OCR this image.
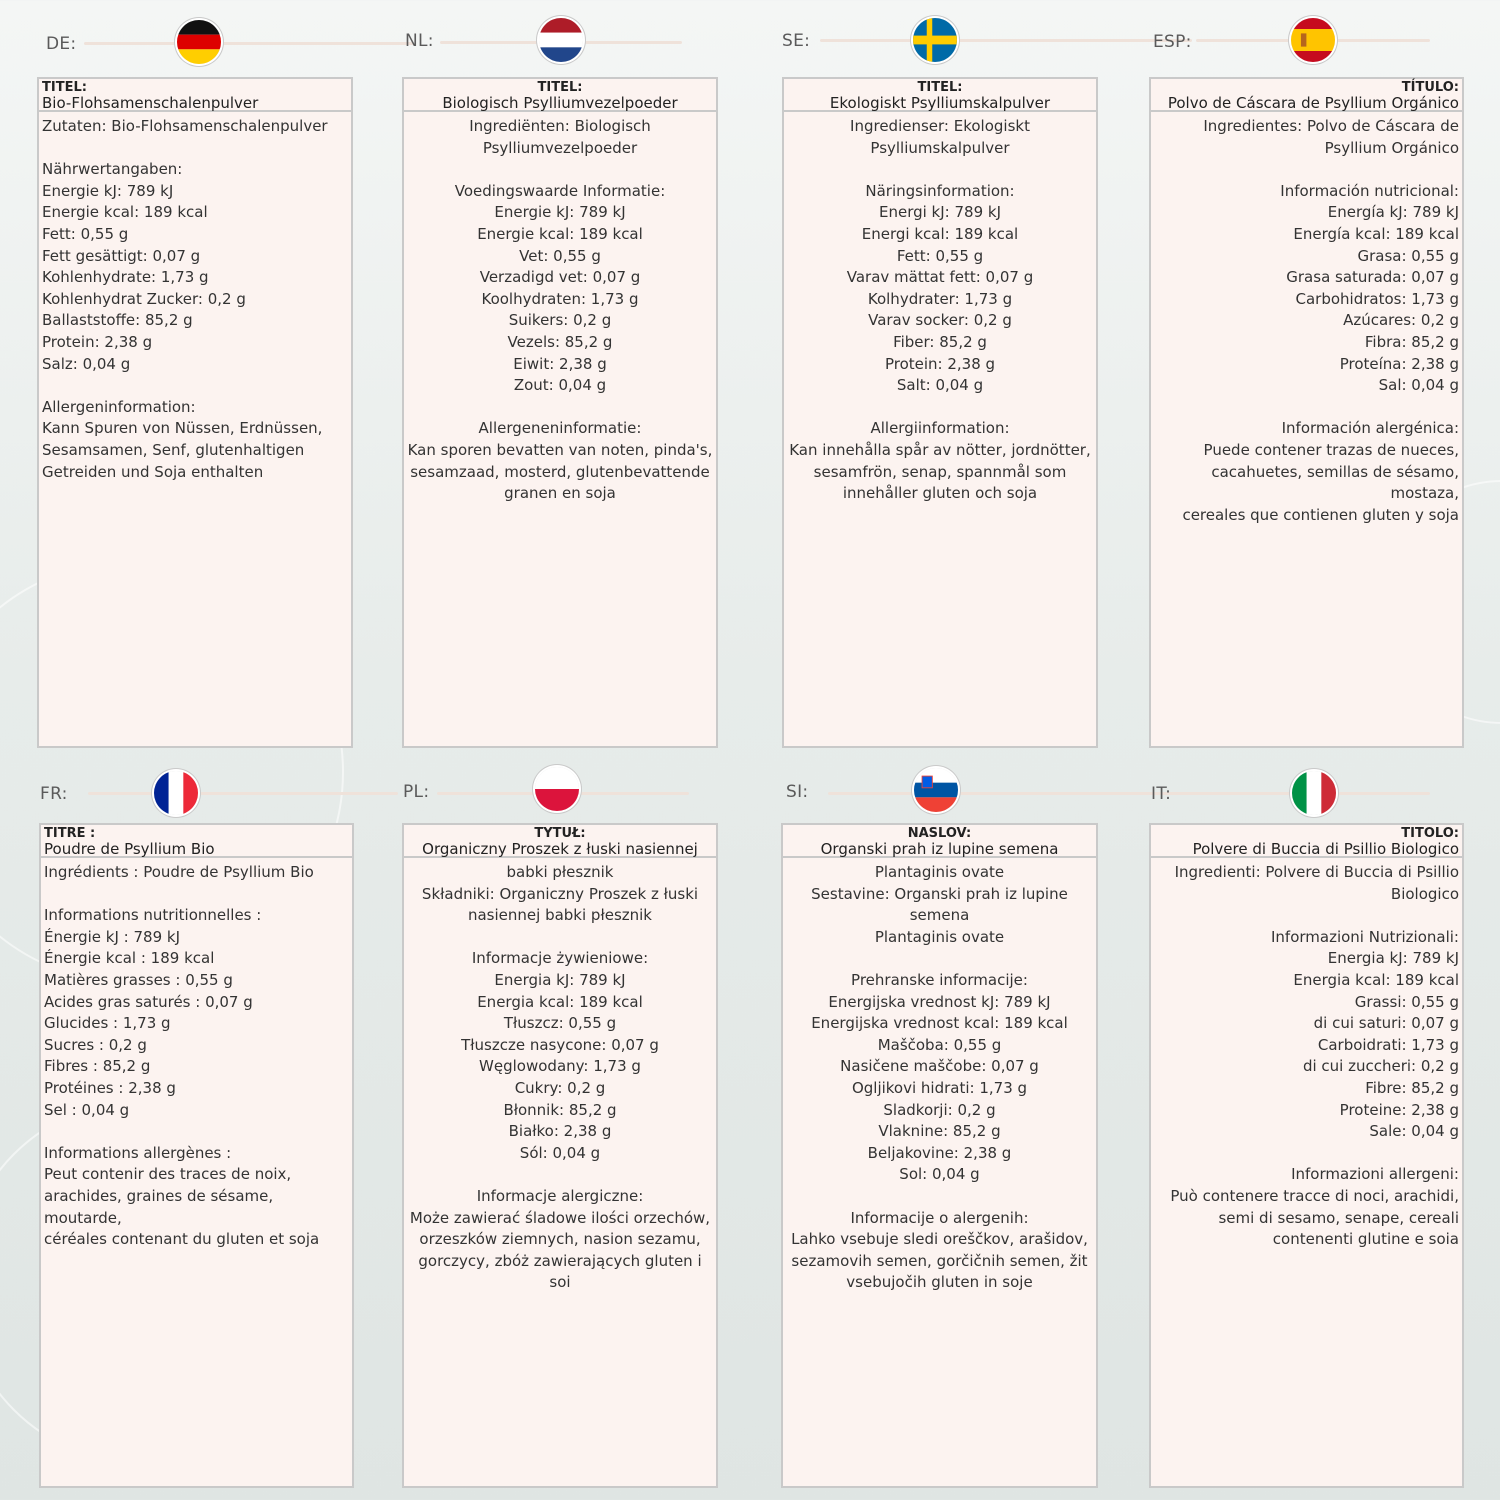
DE:	NL:	SE:	ESP:
FR:	PL:	SI:	IT:
TITEL:
Bio-Flohsamenschalenpulver

Zutaten: Bio-Flohsamenschalenpulver

Nährwertangaben:

Energie kJ: 789 kJ

Energie kcal: 189 kcal

Fett: 0,55 g

Fett gesättigt: 0,07 g

Kohlenhydrate: 1,73 g

Kohlenhydrat Zucker: 0,2 g

Ballaststoffe: 85,2 g

Protein: 2,38 g

Salz: 0,04 g

Allergeninformation:

Kann Spuren von Nüssen, Erdnüssen,

Sesamsamen, Senf, glutenhaltigen

Getreiden und Soja enthalten

TITEL:
Biologisch Psylliumvezelpoeder

Ingrediënten: Biologisch

Psylliumvezelpoeder

Voedingswaarde Informatie:

Energie kJ: 789 kJ

Energie kcal: 189 kcal

Vet: 0,55 g

Verzadigd vet: 0,07 g

Koolhydraten: 1,73 g

Suikers: 0,2 g

Vezels: 85,2 g

Eiwit: 2,38 g

Zout: 0,04 g

Allergeneninformatie:

Kan sporen bevatten van noten, pinda's,

sesamzaad, mosterd, glutenbevattende

granen en soja

TITEL:
Ekologiskt Psylliumskalpulver

Ingredienser: Ekologiskt

Psylliumskalpulver

Näringsinformation:

Energi kJ: 789 kJ

Energi kcal: 189 kcal

Fett: 0,55 g

Varav mättat fett: 0,07 g

Kolhydrater: 1,73 g

Varav socker: 0,2 g

Fiber: 85,2 g

Protein: 2,38 g

Salt: 0,04 g

Allergiinformation:

Kan innehålla spår av nötter, jordnötter,

sesamfrön, senap, spannmål som

innehåller gluten och soja

TÍTULO:
Polvo de Cáscara de Psyllium Orgánico

Ingredientes: Polvo de Cáscara de

Psyllium Orgánico

Información nutricional:

Energía kJ: 789 kJ

Energía kcal: 189 kcal

Grasa: 0,55 g

Grasa saturada: 0,07 g

Carbohidratos: 1,73 g

Azúcares: 0,2 g

Fibra: 85,2 g

Proteína: 2,38 g

Sal: 0,04 g

Información alergénica:

Puede contener trazas de nueces,

cacahuetes, semillas de sésamo, mostaza,

cereales que contienen gluten y soja

TITRE :
Poudre de Psyllium Bio

Ingrédients : Poudre de Psyllium Bio

Informations nutritionnelles :

Énergie kJ : 789 kJ

Énergie kcal : 189 kcal

Matières grasses : 0,55 g

Acides gras saturés : 0,07 g

Glucides : 1,73 g

Sucres : 0,2 g

Fibres : 85,2 g

Protéines : 2,38 g

Sel : 0,04 g

Informations allergènes :

Peut contenir des traces de noix,

arachides, graines de sésame, moutarde,

céréales contenant du gluten et soja

TYTUŁ:
Organiczny Proszek z łuski nasiennej

babki płesznik

Składniki: Organiczny Proszek z łuski

nasiennej babki płesznik

Informacje żywieniowe:

Energia kJ: 789 kJ

Energia kcal: 189 kcal

Tłuszcz: 0,55 g

Tłuszcze nasycone: 0,07 g

Węglowodany: 1,73 g

Cukry: 0,2 g

Błonnik: 85,2 g

Białko: 2,38 g

Sól: 0,04 g

Informacje alergiczne:

Może zawierać śladowe ilości orzechów,

orzeszków ziemnych, nasion sezamu,

gorczycy, zbóż zawierających gluten i soi

NASLOV:
Organski prah iz lupine semena

Plantaginis ovate

Sestavine: Organski prah iz lupine semena

Plantaginis ovate

Prehranske informacije:

Energijska vrednost kJ: 789 kJ

Energijska vrednost kcal: 189 kcal

Maščoba: 0,55 g

Nasičene maščobe: 0,07 g

Ogljikovi hidrati: 1,73 g

Sladkorji: 0,2 g

Vlaknine: 85,2 g

Beljakovine: 2,38 g

Sol: 0,04 g

Informacije o alergenih:

Lahko vsebuje sledi oreščkov, arašidov,

sezamovih semen, gorčičnih semen, žit

vsebujočih gluten in soje

TITOLO:
Polvere di Buccia di Psillio Biologico

Ingredienti: Polvere di Buccia di Psillio

Biologico

Informazioni Nutrizionali:

Energia kJ: 789 kJ

Energia kcal: 189 kcal

Grassi: 0,55 g

di cui saturi: 0,07 g

Carboidrati: 1,73 g

di cui zuccheri: 0,2 g

Fibre: 85,2 g

Proteine: 2,38 g

Sale: 0,04 g

Informazioni allergeni:

Può contenere tracce di noci, arachidi,

semi di sesamo, senape, cereali

contenenti glutine e soia
